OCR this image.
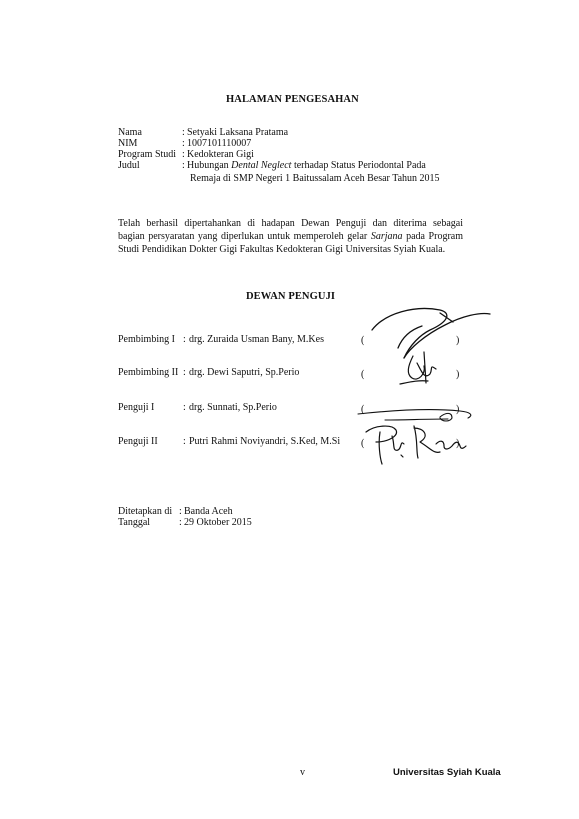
HALAMAN PENGESAHAN
Nama	: Setyaki Laksana Pratama
NIM	: 1007101110007
Program Studi : Kedokteran Gigi
Judul	: Hubungan Dental Neglect terhadap Status Periodontal Pada
Remaja di SMP Negeri 1 Baitussalam Aceh Besar Tahun 2015
Telah berhasil dipertahankan di hadapan Dewan Penguji dan diterima sebagai
bagian persyaratan yang diperlukan untuk memperoleh gelar Sarjana pada Program
Studi Pendidikan Dokter Gigi Fakultas Kedokteran Gigi Universitas Syiah Kuala.
DEWAN PENGUJI
Pembimbing I : drg. Zuraida Usman Bany, M.Kes	(	)
Pembimbing II : drg. Dewi Saputri, Sp.Perio	(	)
Penguji I	: drg. Sunnati, Sp.Perio	(	)
Penguji II	: Putri Rahmi Noviyandri, S.Ked, M.Si (	)
Ditetapkan di : Banda Aceh
Tanggal	: 29 Oktober 2015
v	Universitas Syiah Kuala
